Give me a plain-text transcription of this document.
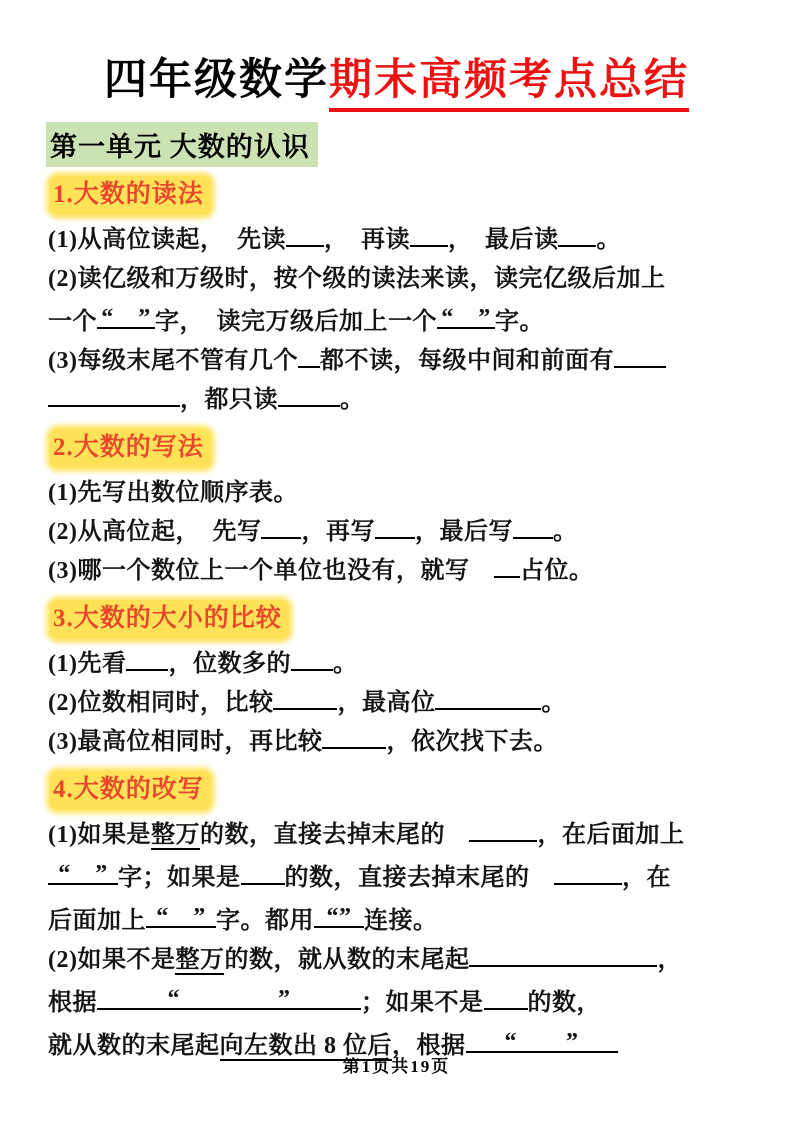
四年级数学期末高频考点总结
第一单元 大数的认识
1.大数的读法
(1)从高位读起，　先读 ，　再读 ，　最后读 。
(2)读亿级和万级时，按个级的读法来读，读完亿级后加上
一个 “　” 字，　读完万级后加上一个 “　” 字。
(3)每级末尾不管有几个 都不读，每级中间和前面有
，都只读	。
2.大数的写法
(1)先写出数位顺序表。
(2)从高位起，　先写 ，再写 ，最后写 。
(3)哪一个数位上一个单位也没有，就写　占位。
3.大数的大小的比较
(1)先看 ，位数多的 。
(2)位数相同时，比较	，最高位	。
(3)最高位相同时，再比较	，依次找下去。
4.大数的改写
(1)如果是整万的数，直接去掉末尾的　	，在后面加上
“　” 字；如果是 的数，直接去掉末尾的　	，在
后面加上 “　” 字。都用 “” 连接。
(2)如果不是整万的数，就从数的末尾起	，
根据	“　　　　”	；如果不是 的数，
就从数的末尾起向左数出 8 位后，根据 “　　”
第1页共19页
